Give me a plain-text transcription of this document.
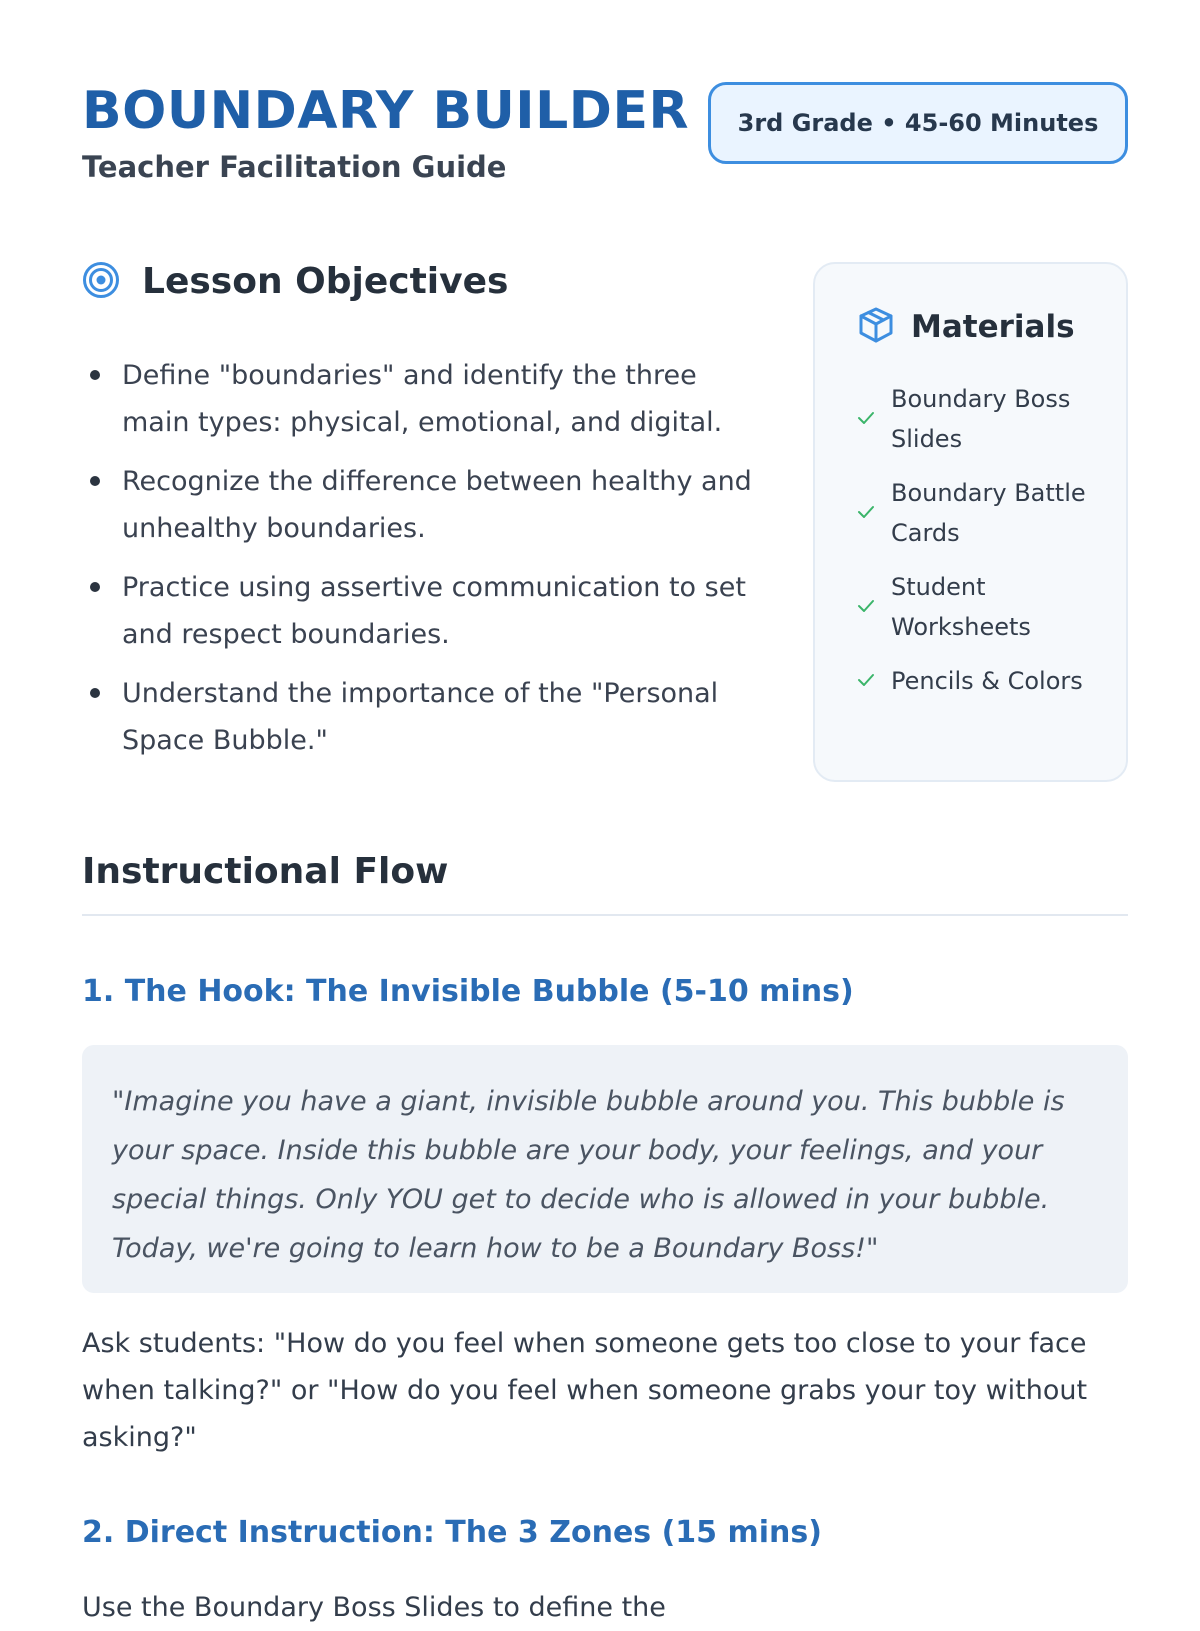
BOUNDARY BUILDER

Teacher Facilitation Guide

3rd Grade • 45-60 Minutes
Lesson Objectives
Define "boundaries" and identify the three main types: physical, emotional, and digital.
Recognize the difference between healthy and unhealthy boundaries.
Practice using assertive communication to set and respect boundaries.
Understand the importance of the "Personal Space Bubble."
Materials
Boundary Boss Slides
Boundary Battle Cards
Student Worksheets
Pencils & Colors
Instructional Flow
1. The Hook: The Invisible Bubble (5-10 mins)
"Imagine you have a giant, invisible bubble around you. This bubble is your space. Inside this bubble are your body, your feelings, and your special things. Only YOU get to decide who is allowed in your bubble. Today, we're going to learn how to be a Boundary Boss!"

Ask students: "How do you feel when someone gets too close to your face when talking?" or "How do you feel when someone grabs your toy without asking?"

2. Direct Instruction: The 3 Zones (15 mins)

Use the Boundary Boss Slides to define the
